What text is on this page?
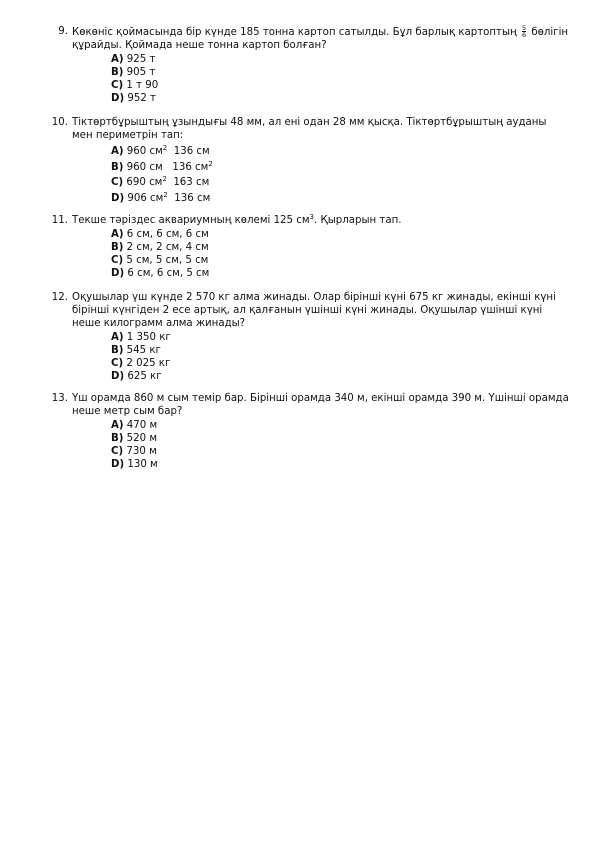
9. Көкөніс қоймасында бір күнде 185 тонна картоп сатылды. Бұл барлық картоптың $\frac{5}{6}$ бөлігін
құрайды. Қоймада неше тонна картоп болған?
A) 925 т
B) 905 т
C) 1 т 90
D) 952 т
10. Тіктөртбұрыштың ұзындығы 48 мм, ал ені одан 28 мм қысқа. Тіктөртбұрыштың ауданы
мен периметрін тап:
A) 960 $см^2$  136 см
B) 960 см   136 $см^2$
C) 690 $см^2$  163 см
D) 906 $см^2$  136 см
11. Текше тәріздес аквариумның көлемі 125 $см^3$. Қырларын тап.
A) 6 см, 6 см, 6 см
B) 2 см, 2 см, 4 см
C) 5 см, 5 см, 5 см
D) 6 см, 6 см, 5 см
12. Оқушылар үш күнде 2 570 кг алма жинады. Олар бірінші күні 675 кг жинады, екінші күні
бірінші күнгіден 2 есе артық, ал қалғанын үшінші күні жинады. Оқушылар үшінші күні
неше килограмм алма жинады?
A) 1 350 кг
B) 545 кг
C) 2 025 кг
D) 625 кг
13. Үш орамда 860 м сым темір бар. Бірінші орамда 340 м, екінші орамда 390 м. Үшінші орамда
неше метр сым бар?
A) 470 м
B) 520 м
C) 730 м
D) 130 м
